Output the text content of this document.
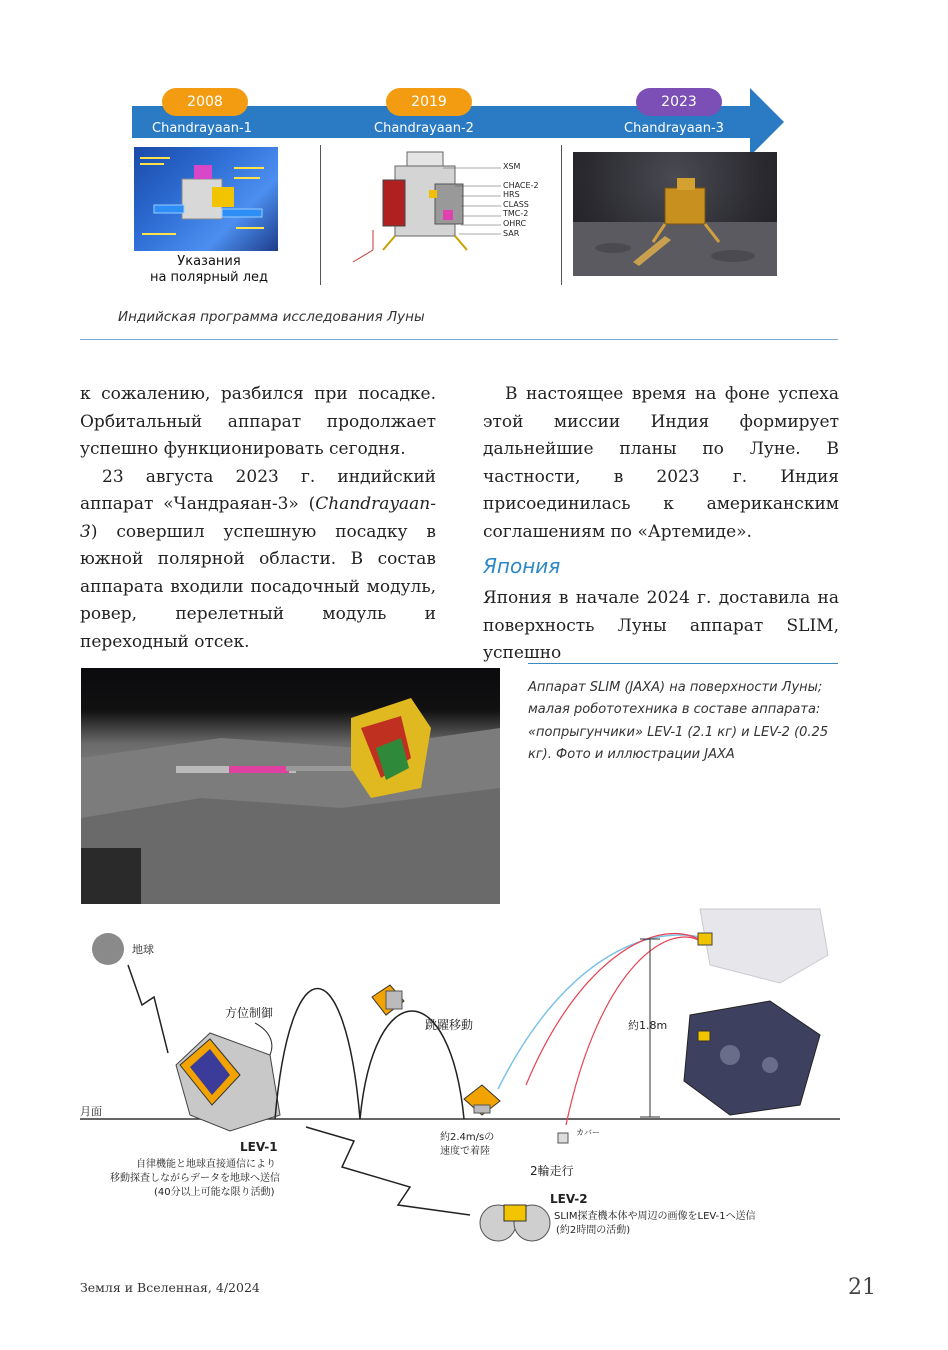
2008	2019	2023
Chandrayaan-1	Chandrayaan-2	Chandrayaan-3
Указания
на полярный лед
XSM
CHACE-2
HRS
CLASS
TMC-2
OHRC
SAR
Индийская программа исследования Луны

к сожалению, разбился при посадке. Орбитальный аппарат продолжает успешно функционировать сегодня.

23 августа 2023 г. индийский аппарат «Чандраяан-3» (Chandrayaan-3) совершил успешную посадку в южной полярной области. В состав аппарата входили посадочный модуль, ровер, перелетный модуль и переходный отсек.

В настоящее время на фоне успеха этой миссии Индия формирует дальнейшие планы по Луне. В частности, в 2023 г. Индия присоединилась к американским соглашениям по «Артемиде».

Япония

Япония в начале 2024 г. доставила на поверхность Луны аппарат SLIM, успешно

Аппарат SLIM (JAXA) на поверхности Луны; малая робототехника в составе аппарата: «попрыгунчики» LEV-1 (2.1 кг) и LEV-2 (0.25 кг). Фото и иллюстрации JAXA
地球
月面
方位制御
跳躍移動
約2.4m/sの
速度で着陸
約1.8m
カバー
2輪走行
LEV-2
SLIM探査機本体や周辺の画像をLEV-1へ送信
(約2時間の活動)
LEV-1
自律機能と地球直接通信により
移動探査しながらデータを地球へ送信
(40分以上可能な限り活動)
Земля и Вселенная, 4/2024	21
